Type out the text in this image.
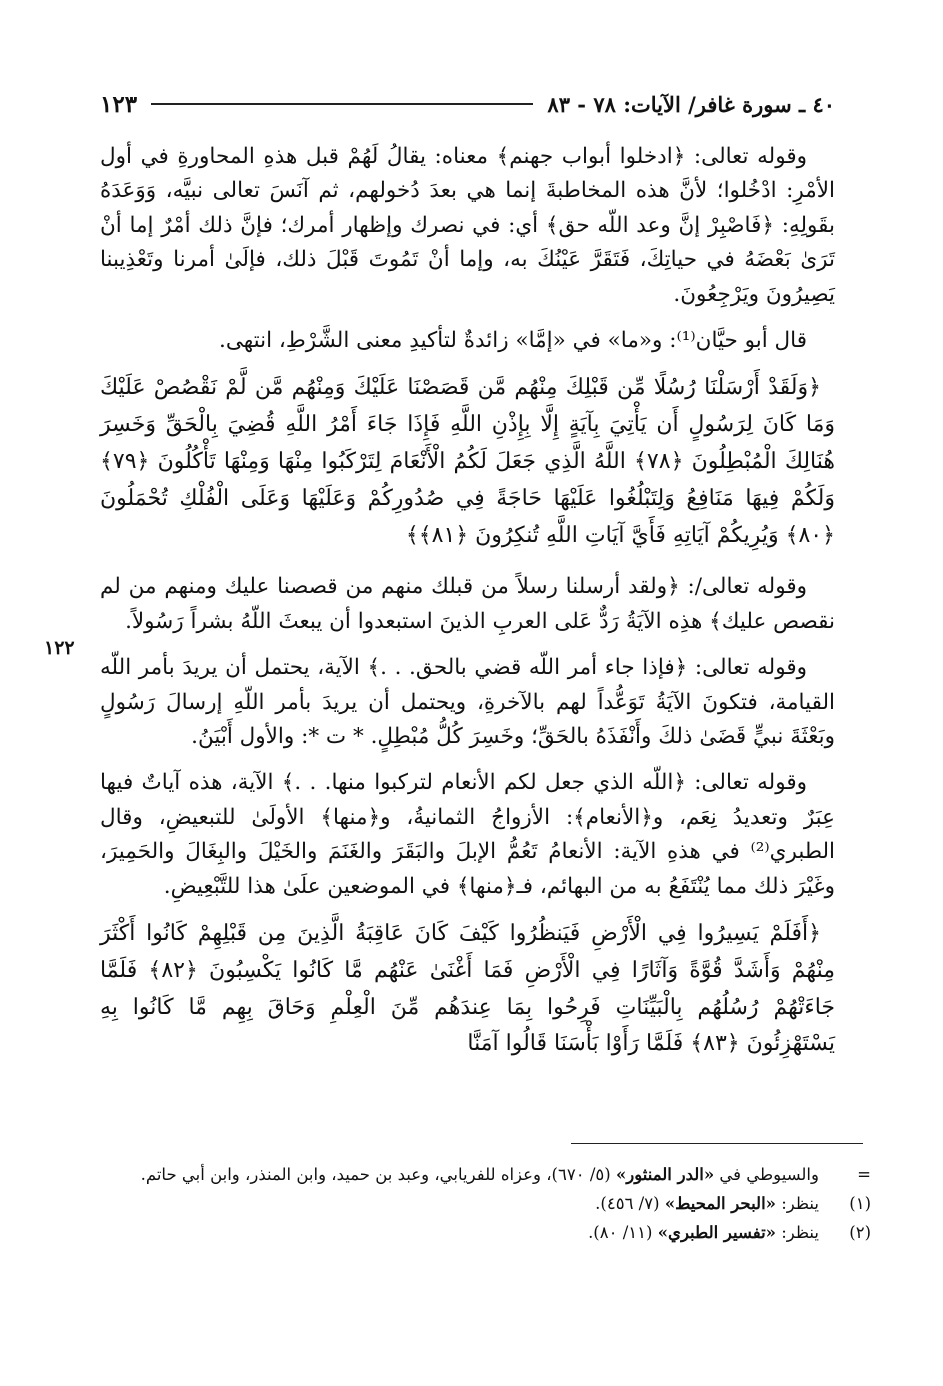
٤٠ ـ سورة غافر/ الآيات: ٧٨ - ٨٣
١٢٣

وقوله تعالى: ﴿ادخلوا أبواب جهنم﴾ معناه: يقالُ لَهُمْ قبل هذهِ المحاورةِ في أول الأمْرِ: ادْخُلوا؛ لأنَّ هذه المخاطبةَ إنما هي بعدَ دُخولهم، ثم آنَسَ تعالى نبيَّه، وَوَعَدَهُ بقَولِهِ: ﴿فَاصْبِرْ إنَّ وعد اللّه حق﴾ أي: في نصرك وإظهار أمرك؛ فإنَّ ذلك أمْرٌ إما أنْ تَرَىٰ بَعْضَهُ في حياتِكَ، فَتَقَرَّ عَيْنُكَ به، وإما أنْ تَمُوتَ قَبْلَ ذلك، فإلَىٰ أمرنا وتَعْذِيبنا يَصِيرُونَ ويَرْجِعُونَ.

قال أبو حيَّان⁽¹⁾: و«ما» في «إمَّا» زائدةٌ لتأكيدِ معنى الشَّرْطِ، انتهى.

﴿وَلَقَدْ أَرْسَلْنَا رُسُلًا مِّن قَبْلِكَ مِنْهُم مَّن قَصَصْنَا عَلَيْكَ وَمِنْهُم مَّن لَّمْ نَقْصُصْ عَلَيْكَ وَمَا كَانَ لِرَسُولٍ أَن يَأْتِيَ بِآيَةٍ إِلَّا بِإِذْنِ اللَّهِ فَإِذَا جَاءَ أَمْرُ اللَّهِ قُضِيَ بِالْحَقِّ وَخَسِرَ هُنَالِكَ الْمُبْطِلُونَ ﴿٧٨﴾ اللَّهُ الَّذِي جَعَلَ لَكُمُ الْأَنْعَامَ لِتَرْكَبُوا مِنْهَا وَمِنْهَا تَأْكُلُونَ ﴿٧٩﴾ وَلَكُمْ فِيهَا مَنَافِعُ وَلِتَبْلُغُوا عَلَيْهَا حَاجَةً فِي صُدُورِكُمْ وَعَلَيْهَا وَعَلَى الْفُلْكِ تُحْمَلُونَ ﴿٨٠﴾ وَيُرِيكُمْ آيَاتِهِ فَأَيَّ آيَاتِ اللَّهِ تُنكِرُونَ ﴿٨١﴾﴾

وقوله تعالى/: ﴿ولقد أرسلنا رسلاً من قبلك منهم من قصصنا عليك ومنهم من لم نقصص عليك﴾ هذِه الآيَةُ رَدٌّ عَلى العربِ الذينَ استبعدوا أن يبعثَ اللّهُ بشراً رَسُولاً.

وقوله تعالى: ﴿فإذا جاء أمر اللّه قضي بالحق. . .﴾ الآية، يحتمل أن يريدَ بأمر اللّه القيامة، فتكونَ الآيَةُ تَوَعُّداً لهم بالآخرةِ، ويحتمل أن يريدَ بأمر اللّهِ إرسالَ رَسُولٍ وبَعْثَةَ نبيٍّ قَضَىٰ ذلكَ وأَنْفَذَهُ بالحَقِّ؛ وخَسِرَ كُلُّ مُبْطِلٍ. * ت *: والأول أَبْيَنُ.

وقوله تعالى: ﴿اللّه الذي جعل لكم الأنعام لتركبوا منها. . .﴾ الآية، هذه آياتٌ فيها عِبَرٌ وتعديدُ نِعَم، و﴿الأنعام﴾: الأزواجُ الثمانيةُ، و﴿منها﴾ الأولَىٰ للتبعيضِ، وقال الطبري⁽²⁾ في هذهِ الآية: الأنعامُ تَعُمُّ الإبلَ والبَقَرَ والغَنَمَ والخَيْلَ والبِغَالَ والحَمِيرَ، وغَيْرَ ذلك مما يُنْتَفَعُ به من البهائم، فـ﴿منها﴾ في الموضعين علَىٰ هذا للتَّبْعِيضِ.

﴿أَفَلَمْ يَسِيرُوا فِي الْأَرْضِ فَيَنظُرُوا كَيْفَ كَانَ عَاقِبَةُ الَّذِينَ مِن قَبْلِهِمْ كَانُوا أَكْثَرَ مِنْهُمْ وَأَشَدَّ قُوَّةً وَآثَارًا فِي الْأَرْضِ فَمَا أَغْنَىٰ عَنْهُم مَّا كَانُوا يَكْسِبُونَ ﴿٨٢﴾ فَلَمَّا جَاءَتْهُمْ رُسُلُهُم بِالْبَيِّنَاتِ فَرِحُوا بِمَا عِندَهُم مِّنَ الْعِلْمِ وَحَاقَ بِهِم مَّا كَانُوا بِهِ يَسْتَهْزِئُونَ ﴿٨٣﴾ فَلَمَّا رَأَوْا بَأْسَنَا قَالُوا آمَنَّا

١٢٢
=
والسيوطي في «الدر المنثور» (٥/ ٦٧٠)، وعزاه للفريابي، وعبد بن حميد، وابن المنذر، وابن أبي حاتم.
(١)
ينظر: «البحر المحيط» (٧/ ٤٥٦).
(٢)
ينظر: «تفسير الطبري» (١١/ ٨٠).
